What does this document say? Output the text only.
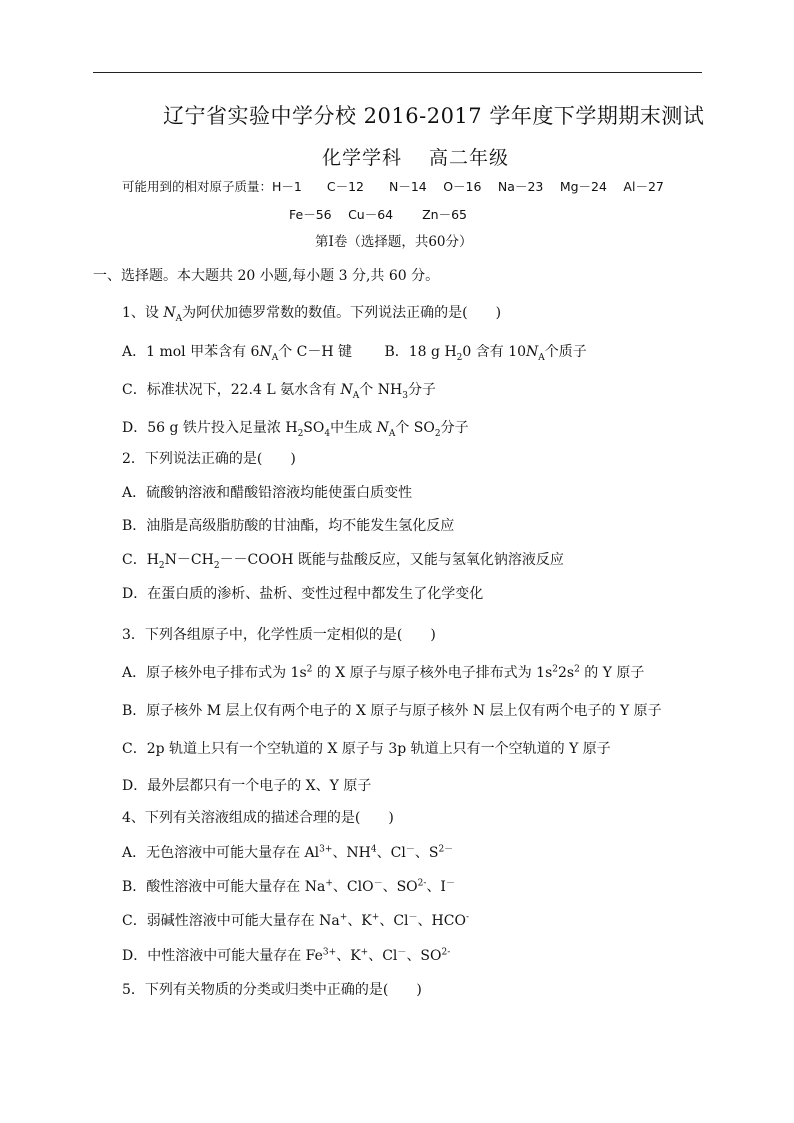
辽宁省实验中学分校 2016-2017 学年度下学期期末测试
化学学科　 高二年级
可能用到的相对原子质量：H－1　　C－12　　N－14　 O－16　 Na－23　 Mg－24　 Al－27
Fe－56　 Cu－64　　 Zn－65
第I卷（选择题，共60分）
一、选择题。本大题共 20 小题,每小题 3 分,共 60 分。
1、设 $N_A$为阿伏加德罗常数的数值。下列说法正确的是(　　)
A．1 mol 甲苯含有 $6N_A$个 C－H 键　　 B．18 g $H_20$ 含有 $10N_A$个质子
C．标准状况下，22.4 L 氨水含有 $N_A$个 $NH_3$分子
D．56 g 铁片投入足量浓 $H_2SO_4$中生成 $N_A$个 $SO_2$分子
2．下列说法正确的是(　　)
A．硫酸钠溶液和醋酸铅溶液均能使蛋白质变性
B．油脂是高级脂肪酸的甘油酯，均不能发生氢化反应
C．$H_2N-CH_2--COOH$ 既能与盐酸反应，又能与氢氧化钠溶液反应
D．在蛋白质的渗析、盐析、变性过程中都发生了化学变化
3．下列各组原子中，化学性质一定相似的是(　　)
A．原子核外电子排布式为 $1s^2$ 的 X 原子与原子核外电子排布式为 $1s^22s^2$ 的 Y 原子
B．原子核外 M 层上仅有两个电子的 X 原子与原子核外 N 层上仅有两个电子的 Y 原子
C．2p 轨道上只有一个空轨道的 X 原子与 3p 轨道上只有一个空轨道的 Y 原子
D．最外层都只有一个电子的 X、Y 原子
4、下列有关溶液组成的描述合理的是(　　)
A．无色溶液中可能大量存在 $Al^{3+}$、$NH^4$、Cl－、$S^{2-}$
B．酸性溶液中可能大量存在 Na+、ClO－、$SO^{2-}$、I－
C．弱碱性溶液中可能大量存在 Na+、K+、Cl－、HCO-
D．中性溶液中可能大量存在 $Fe^{3+}$、K+、Cl－、$SO^{2-}$
5．下列有关物质的分类或归类中正确的是(　　)
